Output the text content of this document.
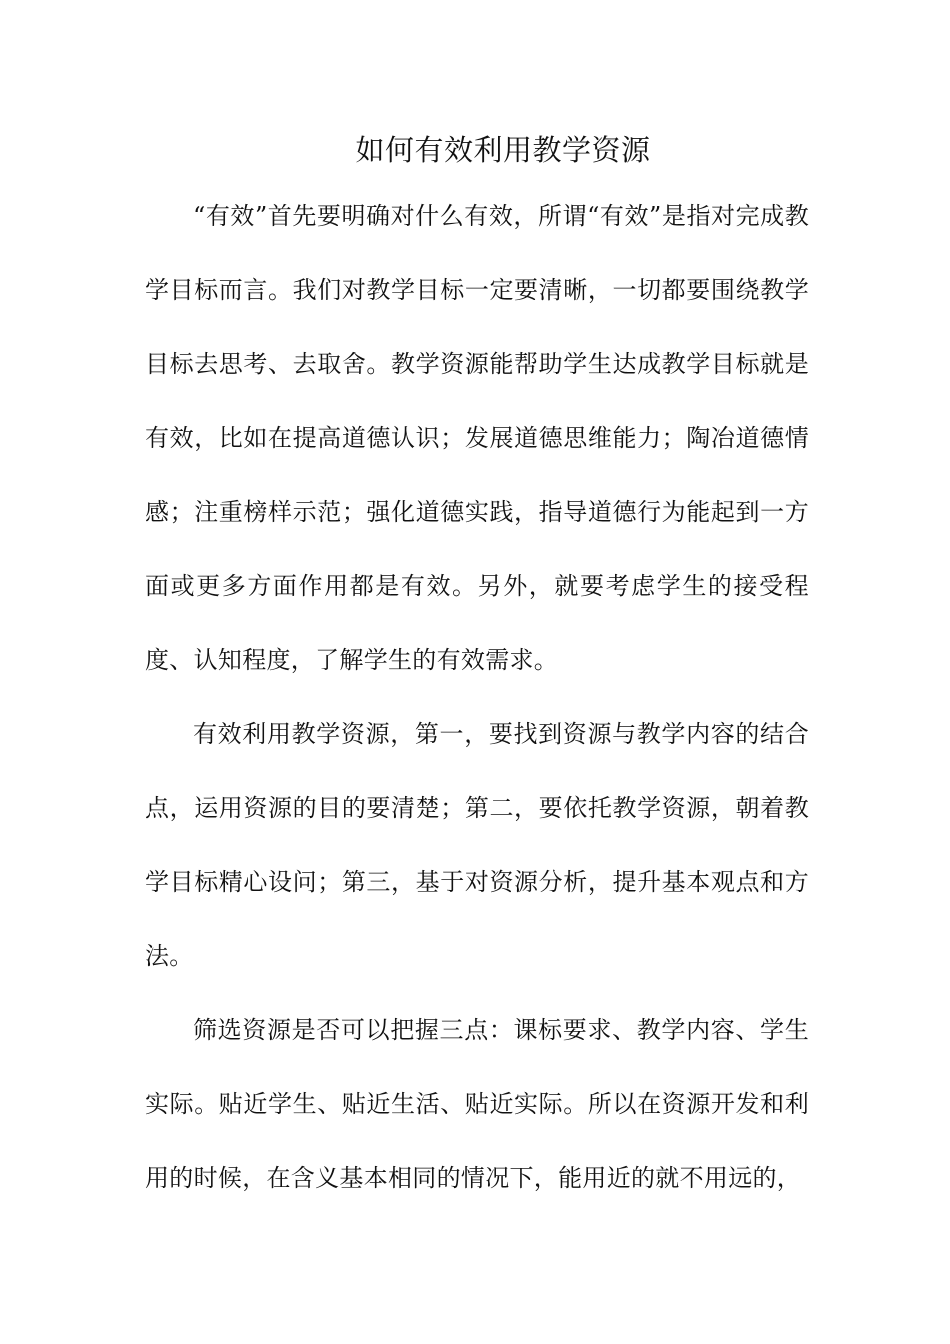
如何有效利用教学资源

“有效”首先要明确对什么有效，所谓“有效”是指对完成教学目标而言。我们对教学目标一定要清晰，一切都要围绕教学目标去思考、去取舍。教学资源能帮助学生达成教学目标就是有效，比如在提高道德认识；发展道德思维能力；陶冶道德情感；注重榜样示范；强化道德实践，指导道德行为能起到一方面或更多方面作用都是有效。另外，就要考虑学生的接受程度、认知程度，了解学生的有效需求。

有效利用教学资源，第一，要找到资源与教学内容的结合点，运用资源的目的要清楚；第二，要依托教学资源，朝着教学目标精心设问；第三，基于对资源分析，提升基本观点和方法。

筛选资源是否可以把握三点：课标要求、教学内容、学生实际。贴近学生、贴近生活、贴近实际。所以在资源开发和利用的时候，在含义基本相同的情况下，能用近的就不用远的，
